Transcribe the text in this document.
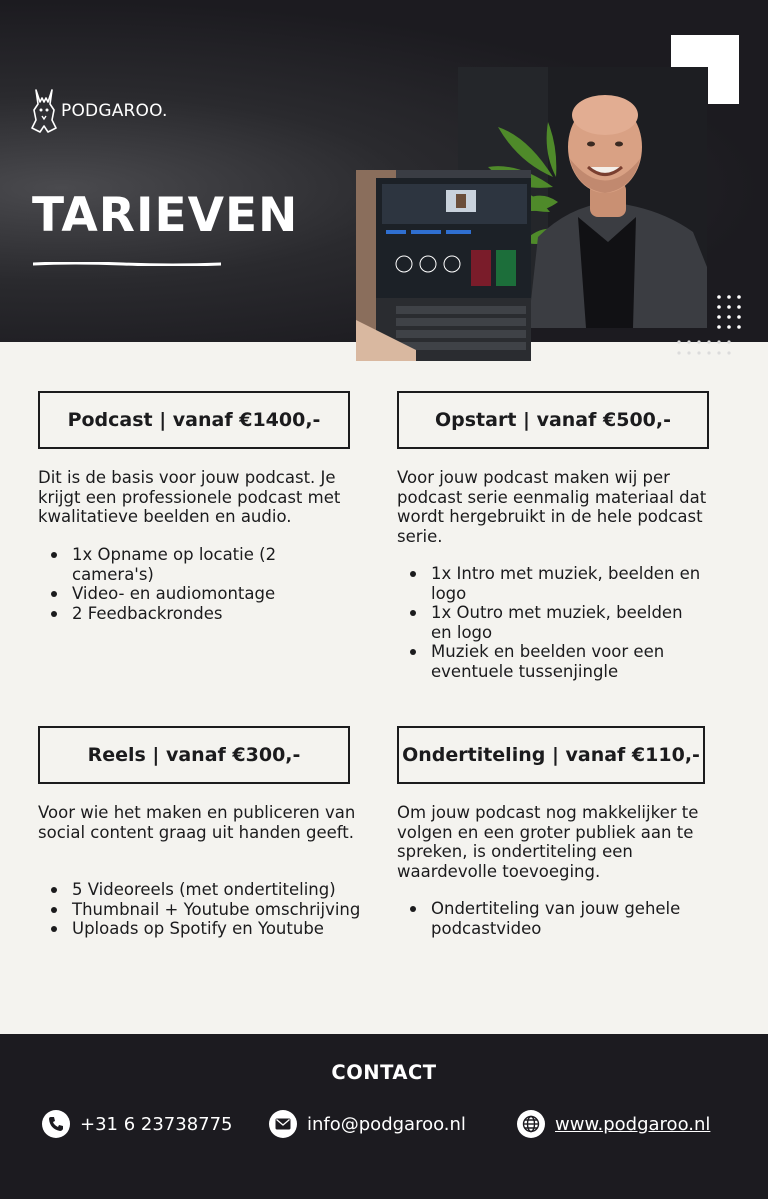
PODGAROO.
TARIEVEN
Podcast | vanaf €1400,-
Dit is de basis voor jouw podcast. Je krijgt een professionele podcast met kwalitatieve beelden en audio.
1x Opname op locatie (2 camera's)
Video- en audiomontage
2 Feedbackrondes
Opstart | vanaf €500,-
Voor jouw podcast maken wij per podcast serie eenmalig materiaal dat wordt hergebruikt in de hele podcast serie.
1x Intro met muziek, beelden en logo
1x Outro met muziek, beelden en logo
Muziek en beelden voor een eventuele tussenjingle
Reels | vanaf €300,-
Voor wie het maken en publiceren van social content graag uit handen geeft.
5 Videoreels (met ondertiteling)
Thumbnail + Youtube omschrijving
Uploads op Spotify en Youtube
Ondertiteling | vanaf €110,-
Om jouw podcast nog makkelijker te volgen en een groter publiek aan te spreken, is ondertiteling een waardevolle toevoeging.
Ondertiteling van jouw gehele podcastvideo
CONTACT
+31 6 23738775	info@podgaroo.nl	www.podgaroo.nl
